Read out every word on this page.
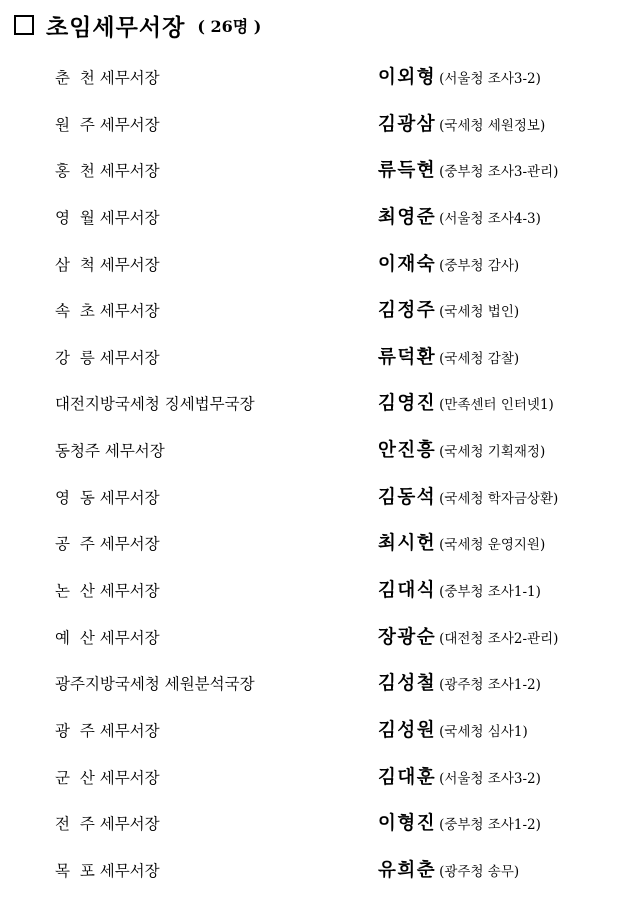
초임세무서장 ( 26명 )
춘  천 세무서장	이외형 (서울청 조사3-2)
원  주 세무서장	김광삼 (국세청 세원정보)
홍  천 세무서장	류득현 (중부청 조사3-관리)
영  월 세무서장	최영준 (서울청 조사4-3)
삼  척 세무서장	이재숙 (중부청 감사)
속  초 세무서장	김정주 (국세청 법인)
강  릉 세무서장	류덕환 (국세청 감찰)
대전지방국세청 징세법무국장	김영진 (만족센터 인터넷1)
동청주 세무서장	안진흥 (국세청 기획재정)
영  동 세무서장	김동석 (국세청 학자금상환)
공  주 세무서장	최시헌 (국세청 운영지원)
논  산 세무서장	김대식 (중부청 조사1-1)
예  산 세무서장	장광순 (대전청 조사2-관리)
광주지방국세청 세원분석국장	김성철 (광주청 조사1-2)
광  주 세무서장	김성원 (국세청 심사1)
군  산 세무서장	김대훈 (서울청 조사3-2)
전  주 세무서장	이형진 (중부청 조사1-2)
목  포 세무서장	유희춘 (광주청 송무)
